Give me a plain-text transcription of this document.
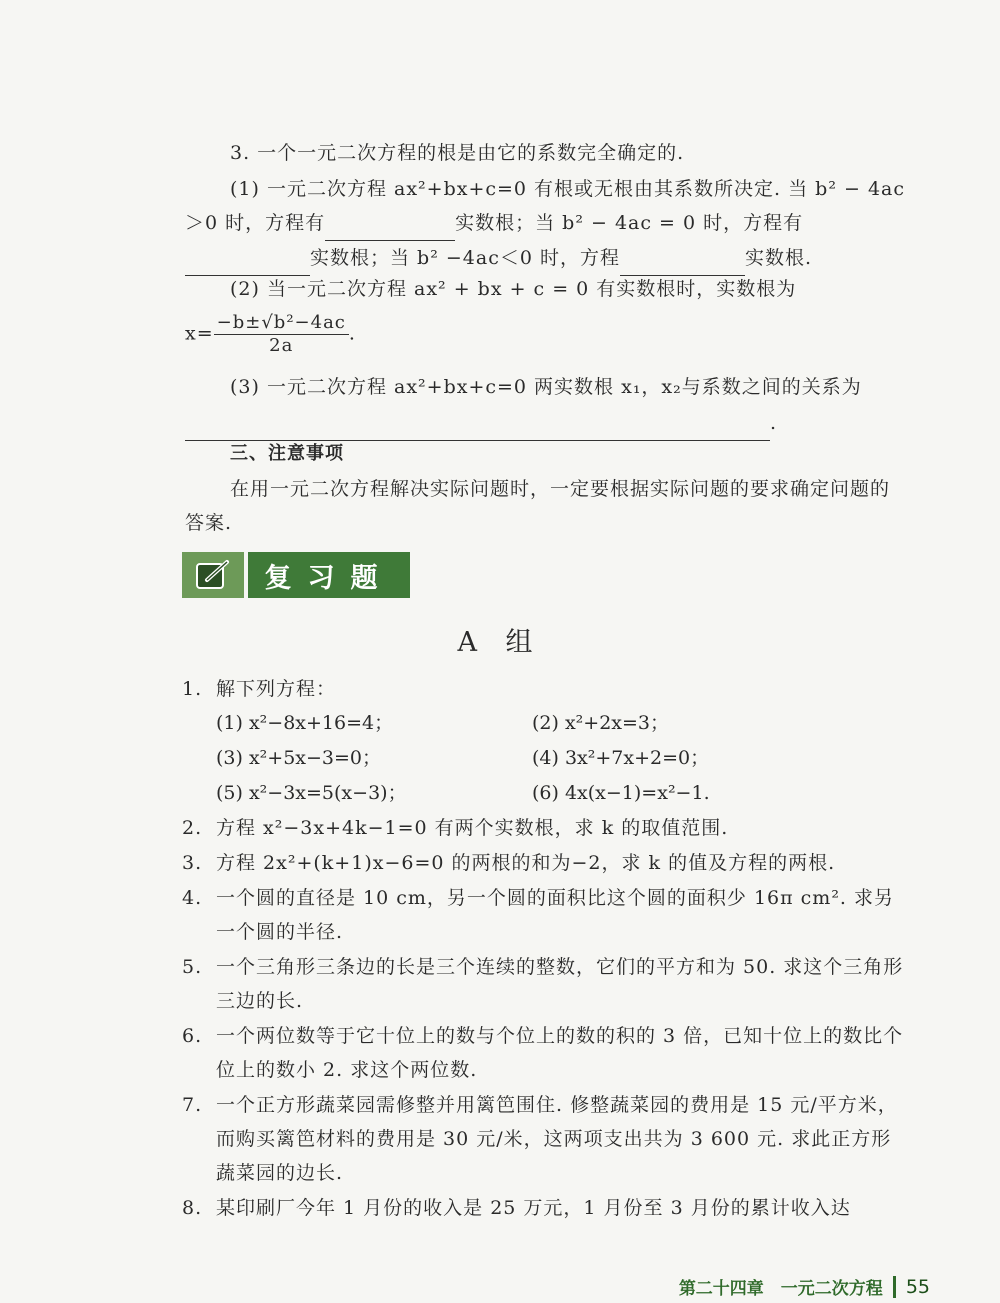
3. 一个一元二次方程的根是由它的系数完全确定的.
(1) 一元二次方程 ax²+bx+c=0 有根或无根由其系数所决定. 当 b² − 4ac＞0 时，方程有	实数根；当 b² − 4ac = 0 时，方程有 实数根；当 b² −4ac＜0 时，方程	实数根.
(2) 当一元二次方程 ax² + bx + c = 0 有实数根时，实数根为
$x= \frac{\text{−b±√b²−4ac}}{2a}$ .
(3) 一元二次方程 ax²+bx+c=0 两实数根 x₁，x₂与系数之间的关系为
.
三、注意事项
在用一元二次方程解决实际问题时，一定要根据实际问题的要求确定问题的答案.
复习题
A 组
1. 解下列方程：
(1) x²−8x+16=4；	(2) x²+2x=3；
(3) x²+5x−3=0；	(4) 3x²+7x+2=0；
(5) x²−3x=5(x−3)；	(6) 4x(x−1)=x²−1.
2. 方程 x²−3x+4k−1=0 有两个实数根，求 k 的取值范围.
3. 方程 2x²+(k+1)x−6=0 的两根的和为−2，求 k 的值及方程的两根.
4. 一个圆的直径是 10 cm，另一个圆的面积比这个圆的面积少 16π cm². 求另一个圆的半径.
5. 一个三角形三条边的长是三个连续的整数，它们的平方和为 50. 求这个三角形三边的长.
6. 一个两位数等于它十位上的数与个位上的数的积的 3 倍，已知十位上的数比个位上的数小 2. 求这个两位数.
7. 一个正方形蔬菜园需修整并用篱笆围住. 修整蔬菜园的费用是 15 元/平方米，而购买篱笆材料的费用是 30 元/米，这两项支出共为 3 600 元. 求此正方形蔬菜园的边长.
8. 某印刷厂今年 1 月份的收入是 25 万元，1 月份至 3 月份的累计收入达
第二十四章　一元二次方程 55
